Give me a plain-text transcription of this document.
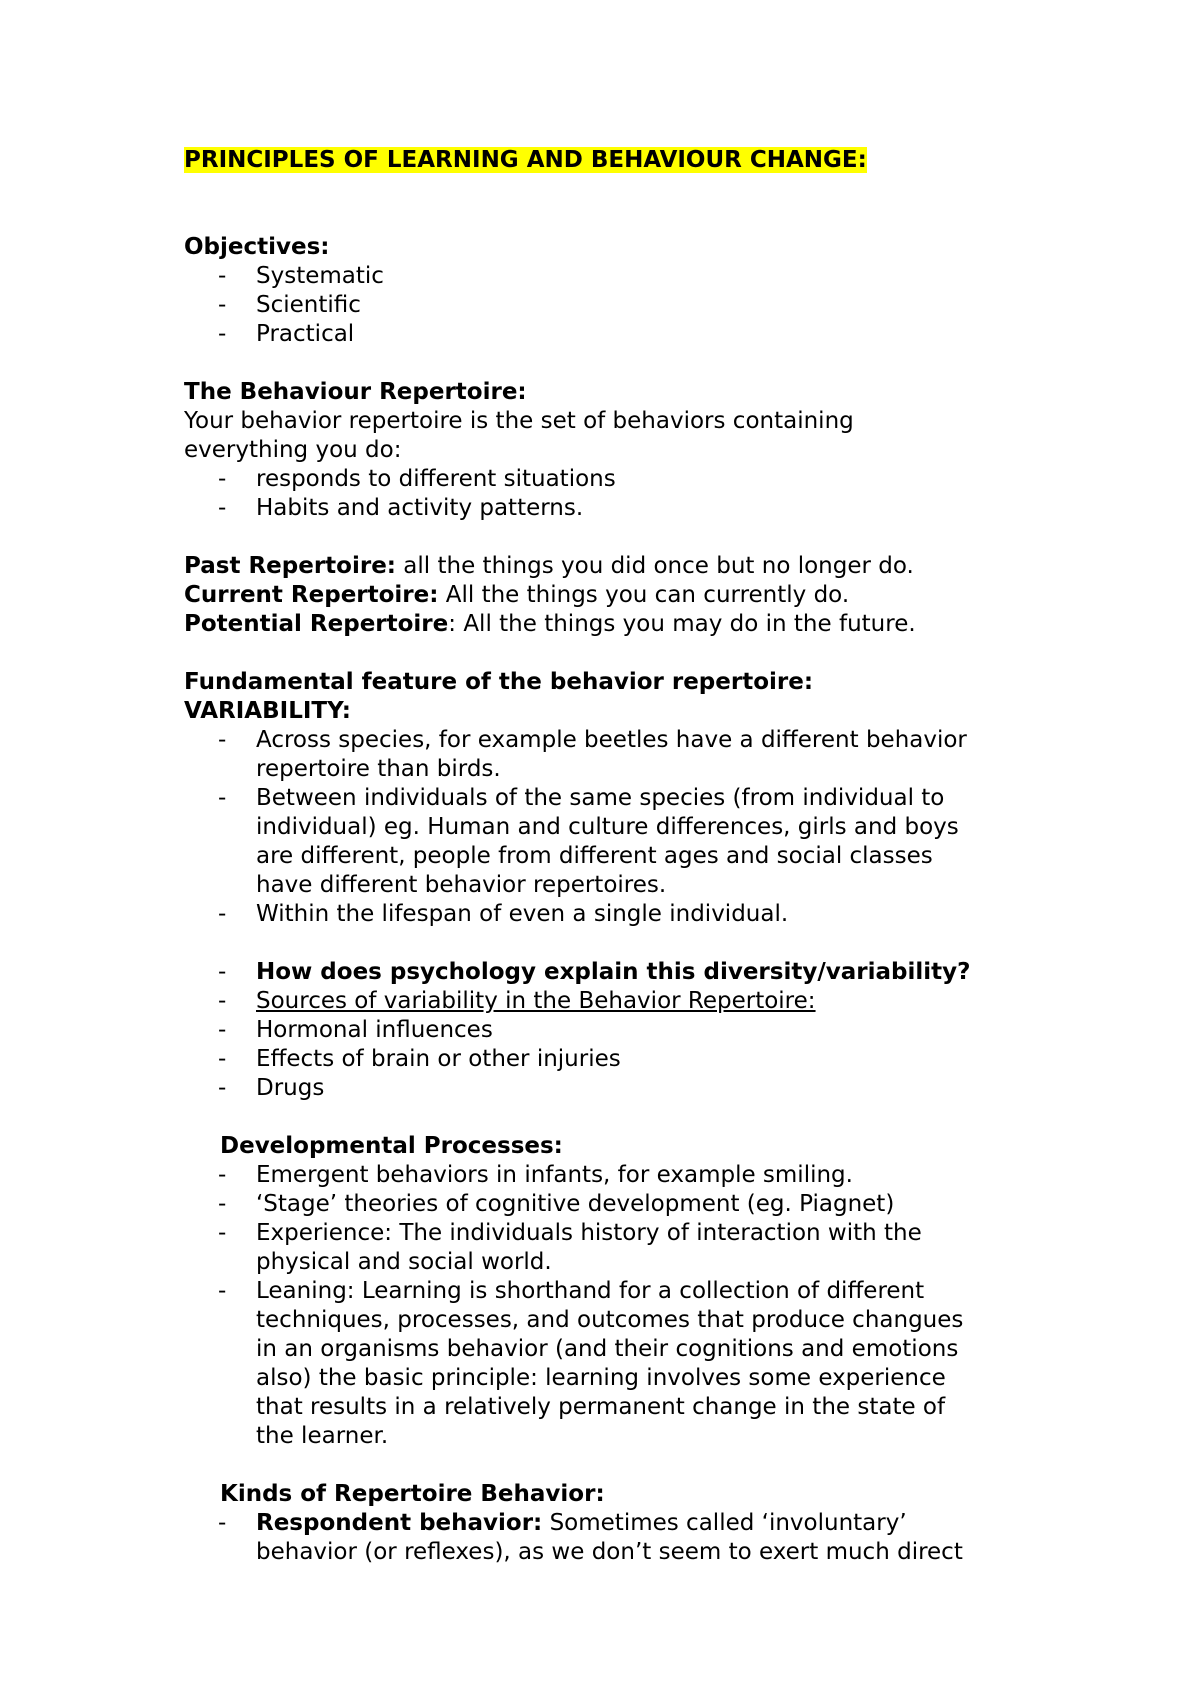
PRINCIPLES OF LEARNING AND BEHAVIOUR CHANGE:
Objectives:
- Systematic
- Scientific
- Practical
The Behaviour Repertoire:
Your behavior repertoire is the set of behaviors containing
everything you do:
- responds to different situations
- Habits and activity patterns.
Past Repertoire: all the things you did once but no longer do.
Current Repertoire: All the things you can currently do.
Potential Repertoire: All the things you may do in the future.
Fundamental feature of the behavior repertoire:
VARIABILITY:
- Across species, for example beetles have a different behavior
repertoire than birds.
- Between individuals of the same species (from individual to
individual) eg. Human and culture differences, girls and boys
are different, people from different ages and social classes
have different behavior repertoires.
- Within the lifespan of even a single individual.
- How does psychology explain this diversity/variability?
- Sources of variability in the Behavior Repertoire:
- Hormonal influences
- Effects of brain or other injuries
- Drugs
Developmental Processes:
- Emergent behaviors in infants, for example smiling.
- ‘Stage’ theories of cognitive development (eg. Piagnet)
- Experience: The individuals history of interaction with the
physical and social world.
- Leaning: Learning is shorthand for a collection of different
techniques, processes, and outcomes that produce changues
in an organisms behavior (and their cognitions and emotions
also) the basic principle: learning involves some experience
that results in a relatively permanent change in the state of
the learner.
Kinds of Repertoire Behavior:
- Respondent behavior: Sometimes called ‘involuntary’
behavior (or reflexes), as we don’t seem to exert much direct
